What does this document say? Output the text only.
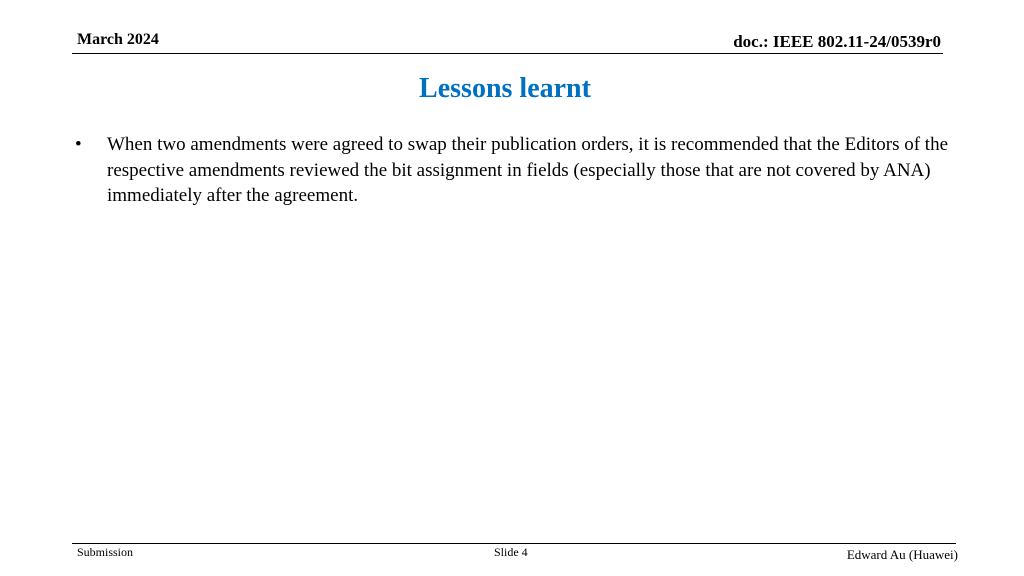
March 2024	doc.: IEEE 802.11-24/0539r0
Lessons learnt
• When two amendments were agreed to swap their publication orders, it is recommended that the Editors of the respective amendments reviewed the bit assignment in fields (especially those that are not covered by ANA) immediately after the agreement.
Submission	Slide 4	Edward Au (Huawei)
